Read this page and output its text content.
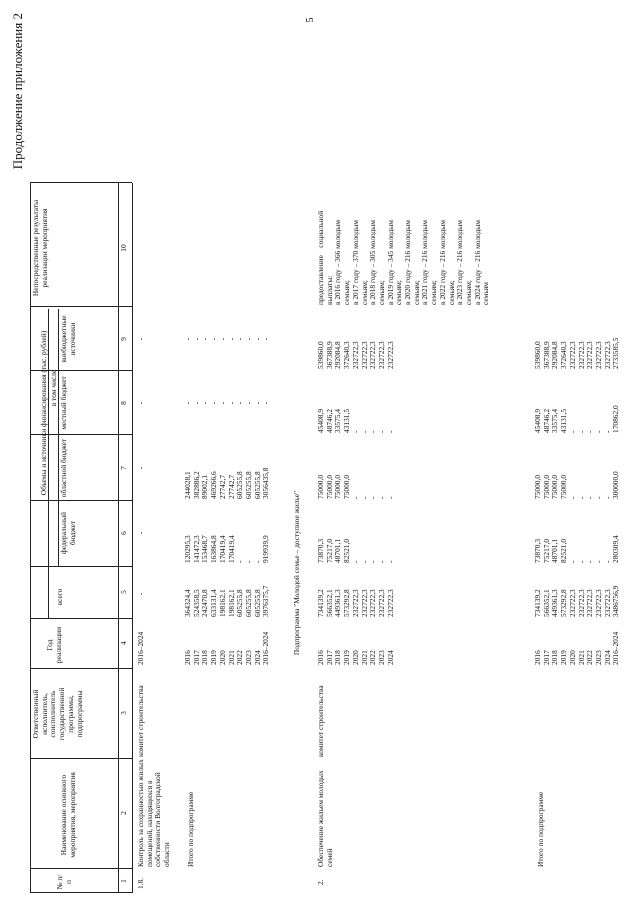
5
Продолжение приложения 2
№ п/п
Наименование основного мероприятия, мероприятия
Ответственный исполнитель, соисполнитель государственной программы, подпрограммы
Год реализации
Объемы и источники финансирования (тыс. рублей)
всего
в том числе
федеральный бюджет
областной бюджет
местный бюджет
внебюджетные источники
Непосредственные результаты реализации мероприятия
1
2
3
4
5
6
7
8
9
10
1.8.
Контроль за сохранностью жилых помещений, находящихся в собственности Волгоградской области
комитет строительства
2016–2024
-
-
-
-
-
Итого по подпрограмме
2016 2017 2018 2019 2020 2021 2022 2023 2024 2016–2024
364324,4 524358,5 242470,8 633131,4 198162,1 198162,1 605255,8 605255,8 605255,8 3976375,7
120295,3 141472,3 153468,7 163864,8 170419,4 170419,4 - - - 919939,9
244028,1 382886,2 89002,1 469266,6 27742,7 27742,7 605255,8 605255,8 605255,8 3056435,8
- - - - - - - - - -
- - - - - - - - - -
Подпрограмма "Молодой семье – доступное жилье"
2.
Обеспечение жильем молодых семей
комитет строительства
2016 2017 2018 2019 2020 2021 2022 2023 2024
734139,2 566352,1 449361,3 573292,8 232722,3 232722,3 232722,3 232722,3 232722,3
73870,3 75217,0 48701,1 82521,0 - - - - -
75000,0 75000,0 75000,0 75000,0 - - - - -
45408,9 48746,2 33575,4 43131,5 - - - - -
539860,0 367388,9 292084,8 372640,3 232722,3 232722,3 232722,3 232722,3 232722,3
предоставление    социальной выплаты: в 2016 году – 366 молодым семьям; в 2017 году – 370 молодым семьям; в 2018 году – 305 молодым семьям; в 2019 году – 345 молодым семьям; в 2020 году – 216 молодым семьям; в 2021 году – 216 молодым семьям; в 2022 году – 216 молодым семьям; в 2023 году – 216 молодым семьям; в 2024 году – 216 молодым семьям
Итого по подпрограмме
2016 2017 2018 2019 2020 2021 2022 2023 2024 2016–2024
734139,2 566352,1 449361,3 573292,8 232722,3 232722,3 232722,3 232722,3 232722,3 3486756,9
73870,3 75217,0 48701,1 82521,0 - - - - - 280309,4
75000,0 75000,0 75000,0 75000,0 - - - - - 300000,0
45408,9 48746,2 33575,4 43131,5 - - - - - 170862,0
539860,0 367388,9 292084,8 372640,3 232722,3 232722,3 232722,3 232722,3 232722,3 2733585,5
